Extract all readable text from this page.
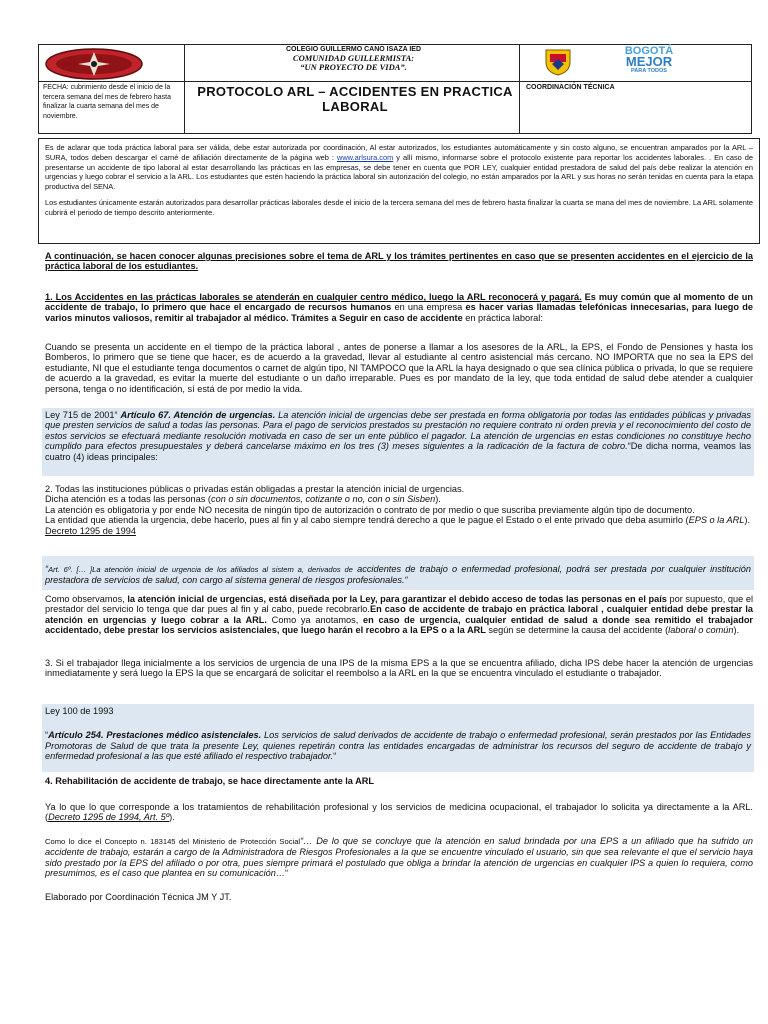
COLEGIO GUILLERMO CANO ISAZA IED
COMUNIDAD GUILLERMISTA:
“UN PROYECTO DE VIDA”.
BOGOTÁ
MEJOR
PARA TODOS
FECHA: cubrimiento desde el inicio de la tercera semana del mes de febrero hasta finalizar la cuarta semana del mes de noviembre.
PROTOCOLO ARL – ACCIDENTES EN PRACTICA LABORAL
COORDINACIÓN TÉCNICA

Es de aclarar que toda práctica laboral para ser válida, debe estar autorizada por coordinación, Al estar autorizados, los estudiantes automáticamente y sin costo alguno, se encuentran amparados por la ARL – SURA, todos deben descargar el carné de afiliación directamente de la página web : www.arlsura.com y allí mismo, informarse sobre el protocolo existente para reportar los accidentes laborales. . En caso de presentarse un accidente de tipo laboral al estar desarrollando las prácticas en las empresas, se debe tener en cuenta que POR LEY, cualquier entidad prestadora de salud del país debe realizar la atención en urgencias y luego cobrar el servicio a la ARL. Los estudiantes que estén haciendo la práctica laboral sin autorización del colegio, no están amparados por la ARL y sus horas no serán tenidas en cuenta para la etapa productiva del SENA.

Los estudiantes únicamente estarán autorizados para desarrollar prácticas laborales desde el inicio de la tercera semana del mes de febrero hasta finalizar la cuarta se mana del mes de noviembre. La ARL solamente cubrirá el periodo de tiempo descrito anteriormente.

A continuación, se hacen conocer algunas precisiones sobre el tema de ARL y los trámites pertinentes en caso que se presenten accidentes en el ejercicio de la práctica laboral de los estudiantes.

1. Los Accidentes en las prácticas laborales se atenderán en cualquier centro médico, luego la ARL reconocerá y pagará. Es muy común que al momento de un accidente de trabajo, lo primero que hace el encargado de recursos humanos en una empresa es hacer varias llamadas telefónicas innecesarias, para luego de varios minutos valiosos, remitir al trabajador al médico. Trámites a Seguir en caso de accidente en práctica laboral:

Cuando se presenta un accidente en el tiempo de la práctica laboral , antes de ponerse a llamar a los asesores de la ARL, la EPS, el Fondo de Pensiones y hasta los Bomberos, lo primero que se tiene que hacer, es de acuerdo a la gravedad, llevar al estudiante al centro asistencial más cercano. NO IMPORTA que no sea la EPS del estudiante, NI que el estudiante tenga documentos o carnet de algún tipo, NI TAMPOCO que la ARL la haya designado o que sea clínica pública o privada, lo que se requiere de acuerdo a la gravedad, es evitar la muerte del estudiante o un daño irreparable. Pues es por mandato de la ley, que toda entidad de salud debe atender a cualquier persona, tenga o no identificación, sí está de por medio la vida.

Ley 715 de 2001“ Artículo 67. Atención de urgencias. La atención inicial de urgencias debe ser prestada en forma obligatoria por todas las entidades públicas y privadas que presten servicios de salud a todas las personas. Para el pago de servicios prestados su prestación no requiere contrato ni orden previa y el reconocimiento del costo de estos servicios se efectuará mediante resolución motivada en caso de ser un ente público el pagador. La atención de urgencias en estas condiciones no constituye hecho cumplido para efectos presupuestales y deberá cancelarse máximo en los tres (3) meses siguientes a la radicación de la factura de cobro.“De dicha norma, veamos las cuatro (4) ideas principales:

2. Todas las instituciones públicas o privadas están obligadas a prestar la atención inicial de urgencias.

Dicha atención es a todas las personas (con o sin documentos, cotizante o no, con o sin Sisben).

La atención es obligatoria y por ende NO necesita de ningún tipo de autorización o contrato de por medio o que suscriba previamente algún tipo de documento.

La entidad que atienda la urgencia, debe hacerlo, pues al fin y al cabo siempre tendrá derecho a que le pague el Estado o el ente privado que deba asumirlo (EPS o la ARL).

Decreto 1295 de 1994

“Art. 6º. [… ]La atención inicial de urgencia de los afiliados al sistem a, derivados de accidentes de trabajo o enfermedad profesional, podrá ser prestada por cualquier institución prestadora de servicios de salud, con cargo al sistema general de riesgos profesionales.“

Como observamos, la atención inicial de urgencias, está diseñada por la Ley, para garantizar el debido acceso de todas las personas en el país por supuesto, que el prestador del servicio lo tenga que dar pues al fin y al cabo, puede recobrarlo.En caso de accidente de trabajo en práctica laboral , cualquier entidad debe prestar la atención en urgencias y luego cobrar a la ARL. Como ya anotamos, en caso de urgencia, cualquier entidad de salud a donde sea remitido el trabajador accidentado, debe prestar los servicios asistenciales, que luego harán el recobro a la EPS o a la ARL según se determine la causa del accidente (laboral o común).

3. Si el trabajador llega inicialmente a los servicios de urgencia de una IPS de la misma EPS a la que se encuentra afiliado, dicha IPS debe hacer la atención de urgencias inmediatamente y será luego la EPS la que se encargará de solicitar el reembolso a la ARL en la que se encuentra vinculado el estudiante o trabajador.

Ley 100 de 1993

“Artículo 254. Prestaciones médico asistenciales. Los servicios de salud derivados de accidente de trabajo o enfermedad profesional, serán prestados por las Entidades Promotoras de Salud de que trata la presente Ley, quienes repetirán contra las entidades encargadas de administrar los recursos del seguro de accidente de trabajo y enfermedad profesional a las que esté afiliado el respectivo trabajador.“

4. Rehabilitación de accidente de trabajo, se hace directamente ante la ARL

Ya lo que lo que corresponde a los tratamientos de rehabilitación profesional y los servicios de medicina ocupacional, el trabajador lo solicita ya directamente a la ARL. (Decreto 1295 de 1994, Art. 5º).

Como lo dice el Concepto n. 183145 del Ministerio de Protección Social“… De lo que se concluye que la atención en salud brindada por una EPS a un afiliado que ha sufrido un accidente de trabajo, estarán a cargo de la Administradora de Riesgos Profesionales a la que se encuentre vinculado el usuario, sin que sea relevante el que el servicio haya sido prestado por la EPS del afiliado o por otra, pues siempre primará el postulado que obliga a brindar la atención de urgencias en cualquier IPS a quien lo requiera, como presumimos, es el caso que plantea en su comunicación…“

Elaborado por Coordinación Técnica JM Y JT.
